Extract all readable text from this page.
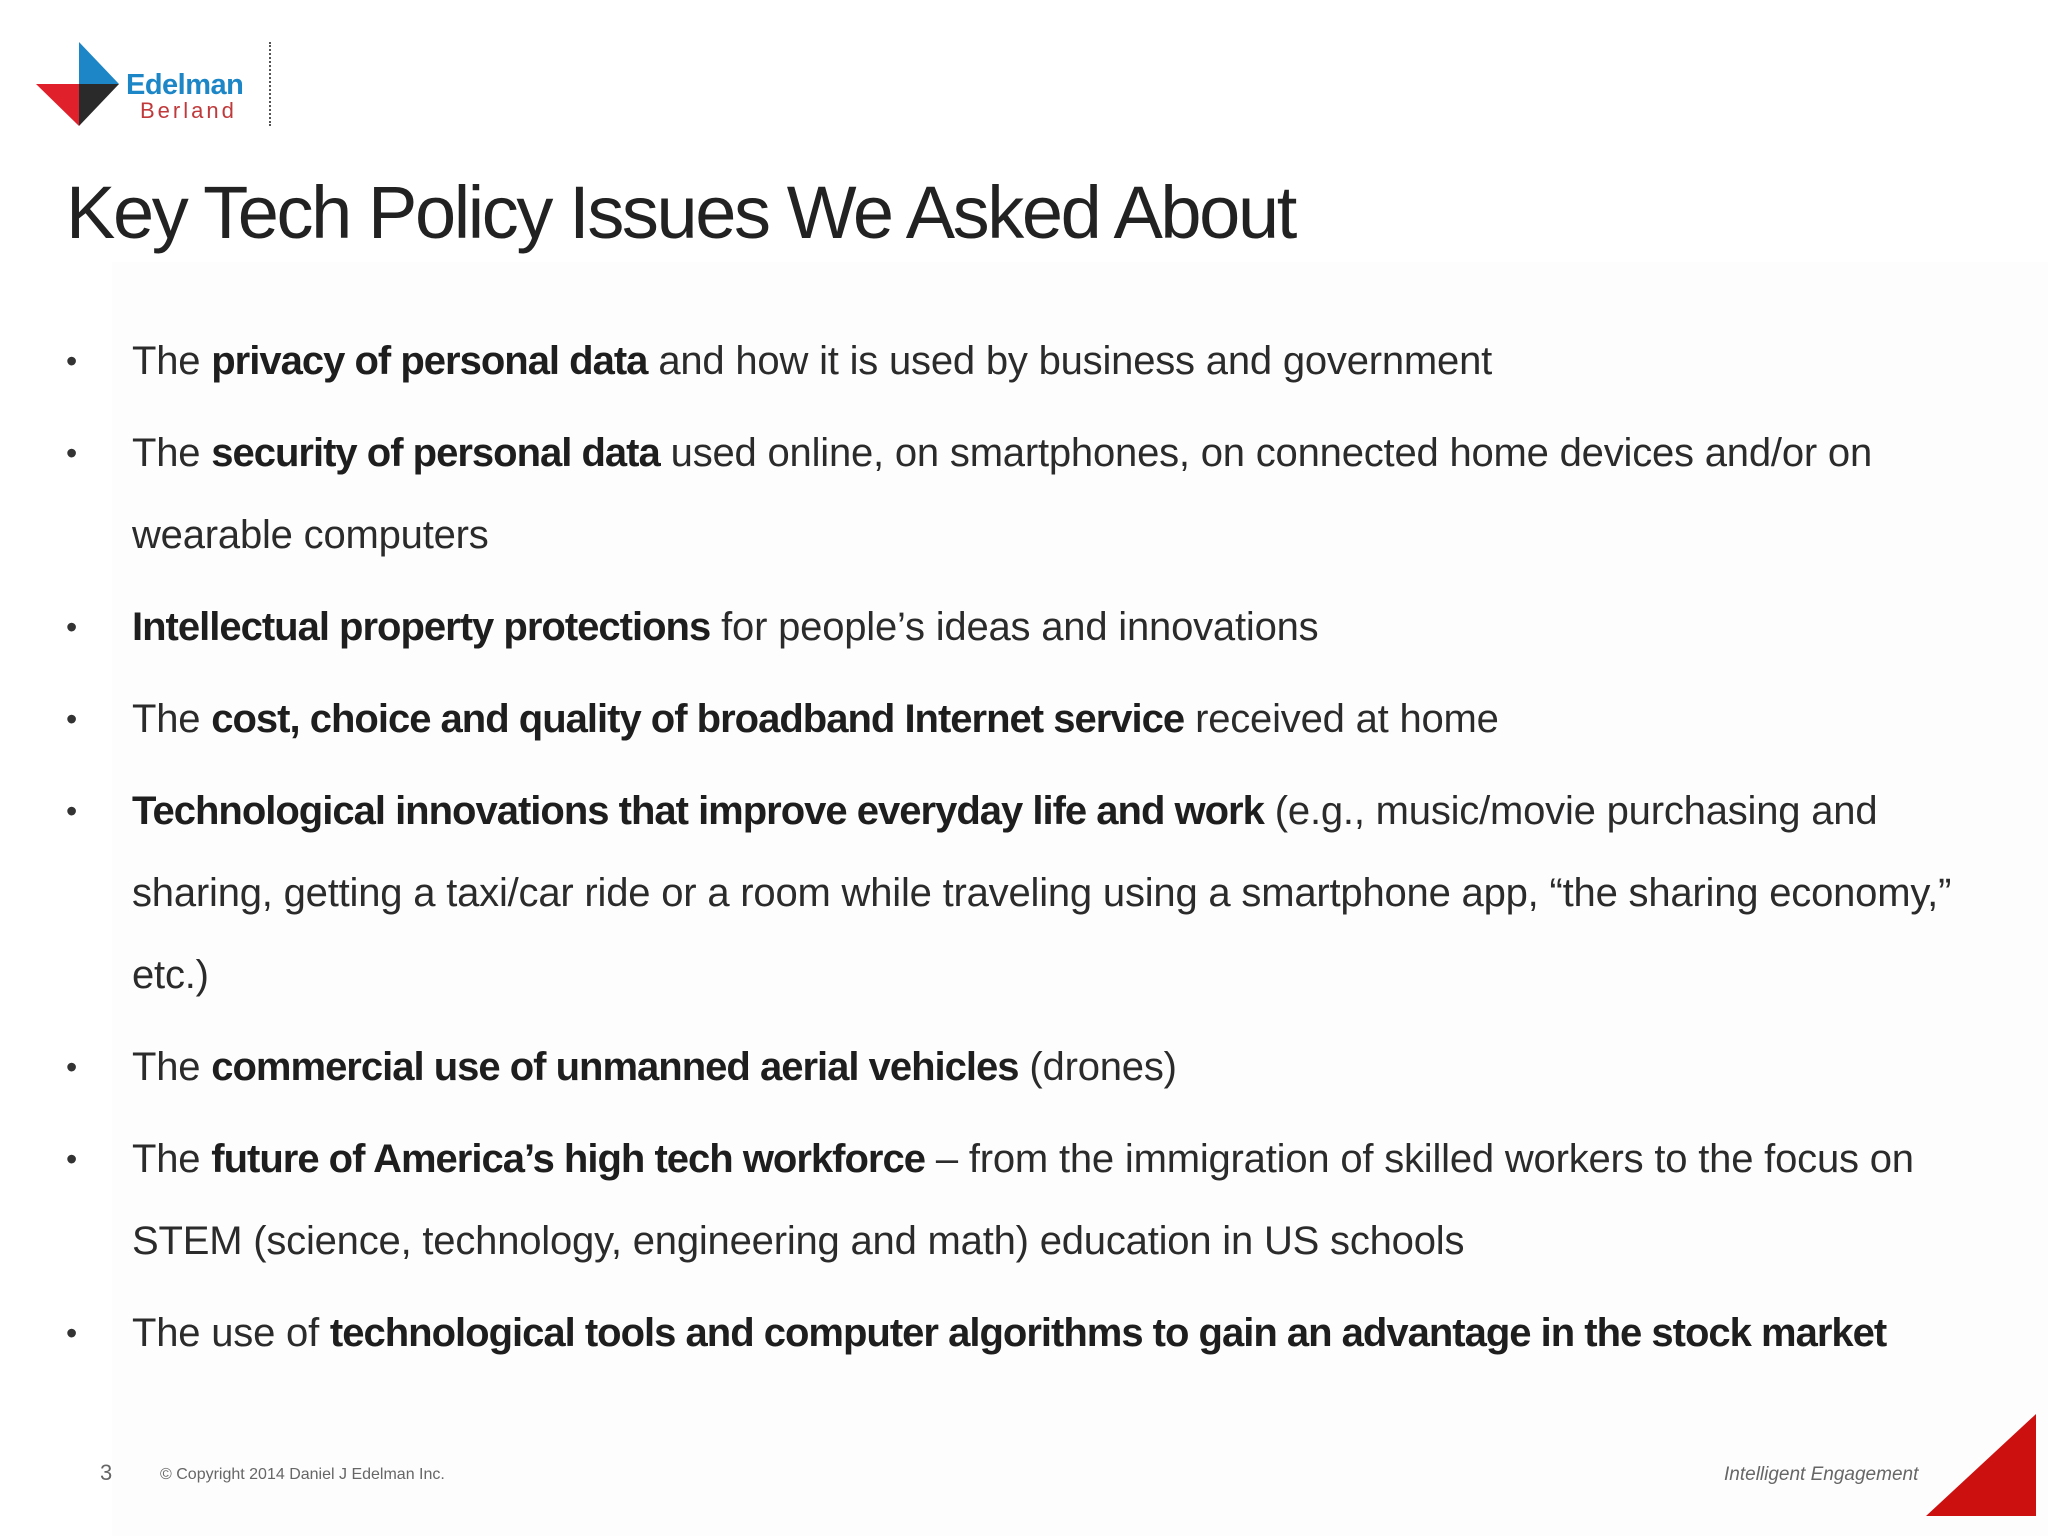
Edelman
Berland
Key Tech Policy Issues We Asked About
• The privacy of personal data and how it is used by business and government
• The security of personal data used online, on smartphones, on connected home devices and/or on wearable computers
• Intellectual property protections for people’s ideas and innovations
• The cost, choice and quality of broadband Internet service received at home
• Technological innovations that improve everyday life and work (e.g., music/movie purchasing and sharing, getting a taxi/car ride or a room while traveling using a smartphone app, “the sharing economy,” etc.)
• The commercial use of unmanned aerial vehicles (drones)
• The future of America’s high tech workforce – from the immigration of skilled workers to the focus on STEM (science, technology, engineering and math) education in US schools
• The use of technological tools and computer algorithms to gain an advantage in the stock market
3	© Copyright 2014 Daniel J Edelman Inc.	Intelligent Engagement
